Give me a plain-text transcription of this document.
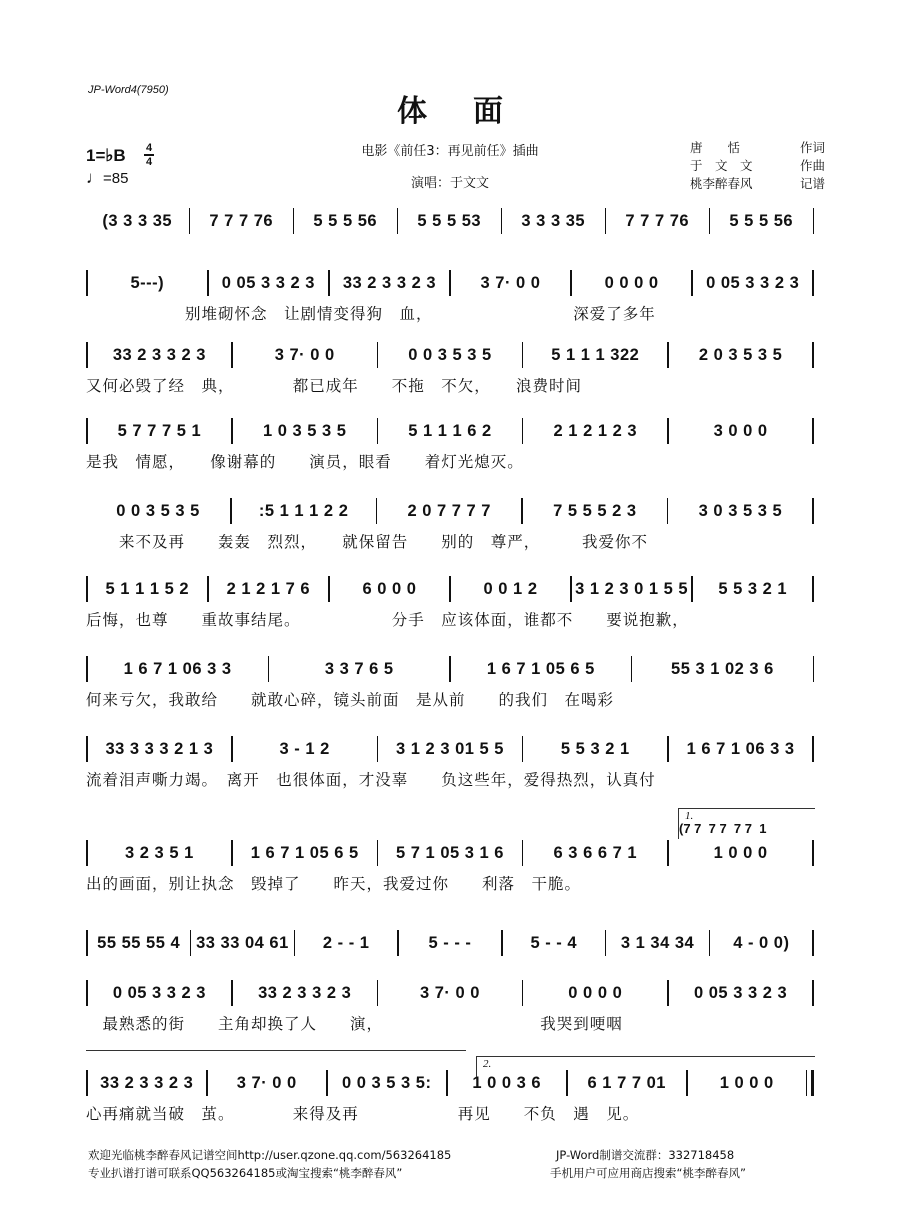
JP-Word4(7950)
体面
1=♭B 4
4
♩=85
电影《前任3：再见前任》插曲
演唱：于文文
唐　　恬	作词
于　文　文	作曲
桃李醉春风	记谱
(3 3 3 35	7 7 7 76	5 5 5 56	5 5 5 53	3 3 3 35	7 7 7 76	5 5 5 56
5---)	0 05 3 3 2 3	33 2 3 3 2 3	3 7· 0 0	0 0 0 0	0 05 3 3 2 3
　　　　　　别堆砌怀念　让剧情变得狗　血，　　　　　　　　　深爱了多年
33 2 3 3 2 3	3 7· 0 0	0 0 3 5 3 5	5 1 1 1 322	2 0 3 5 3 5
又何必毁了经　典，　　　　都已成年　　不拖　不欠，　　浪费时间
5 7 7 7 5 1	1 0 3 5 3 5	5 1 1 1 6 2	2 1 2 1 2 3	3 0 0 0
是我　情愿，　　像谢幕的　　演员，眼看　　着灯光熄灭。
0 0 3 5 3 5	:5 1 1 1 2 2	2 0 7 7 7 7	7 5 5 5 2 3	3 0 3 5 3 5
　　来不及再　　轰轰　烈烈，　　就保留告　　别的　尊严，　　　我爱你不
5 1 1 1 5 2	2 1 2 1 7 6	6 0 0 0	0 0 1 2	3 1 2 3 0 1 5 5	5 5 3 2 1
后悔，也尊　　重故事结尾。　　　　　　分手　应该体面，谁都不　　要说抱歉，
1 6 7 1 06 3 3	3 3 7 6 5	1 6 7 1 05 6 5	55 3 1 02 3 6
何来亏欠，我敢给　　就敢心碎，镜头前面　是从前　　的我们　在喝彩
33 3 3 3 2 1 3	3 - 1 2	3 1 2 3 01 5 5	5 5 3 2 1	1 6 7 1 06 3 3
流着泪声嘶力竭。　离开　也很体面，才没辜　　负这些年，爱得热烈，认真付
3 2 3 5 1	1 6 7 1 05 6 5	5 7 1 05 3 1 6	6 3 6 6 7 1	1 0 0 0
出的画面，别让执念　毁掉了　　昨天，我爱过你　　利落　干脆。
55 55 55 4 33 33 04 61	2 - - 1	5 - - -	5 - - 4	3 1 34 34	4 - 0 0)
0 05 3 3 2 3	33 2 3 3 2 3	3 7· 0 0	0 0 0 0	0 05 3 3 2 3
　最熟悉的街　　主角却换了人　　演，　　　　　　　　　　我哭到哽咽
33 2 3 3 2 3	3 7· 0 0	0 0 3 5 3 5:	1 0 0 3 6	6 1 7 7 01	1 0 0 0
心再痛就当破　茧。　　　　来得及再　　　　　　再见　　不负　遇　见。
1.
(7 7  7 7  7 7  1
2.
欢迎光临桃李醉春风记谱空间http://user.qzone.qq.com/563264185	JP-Word制谱交流群：332718458
专业扒谱打谱可联系QQ563264185或淘宝搜索“桃李醉春风”	手机用户可应用商店搜索“桃李醉春风”
